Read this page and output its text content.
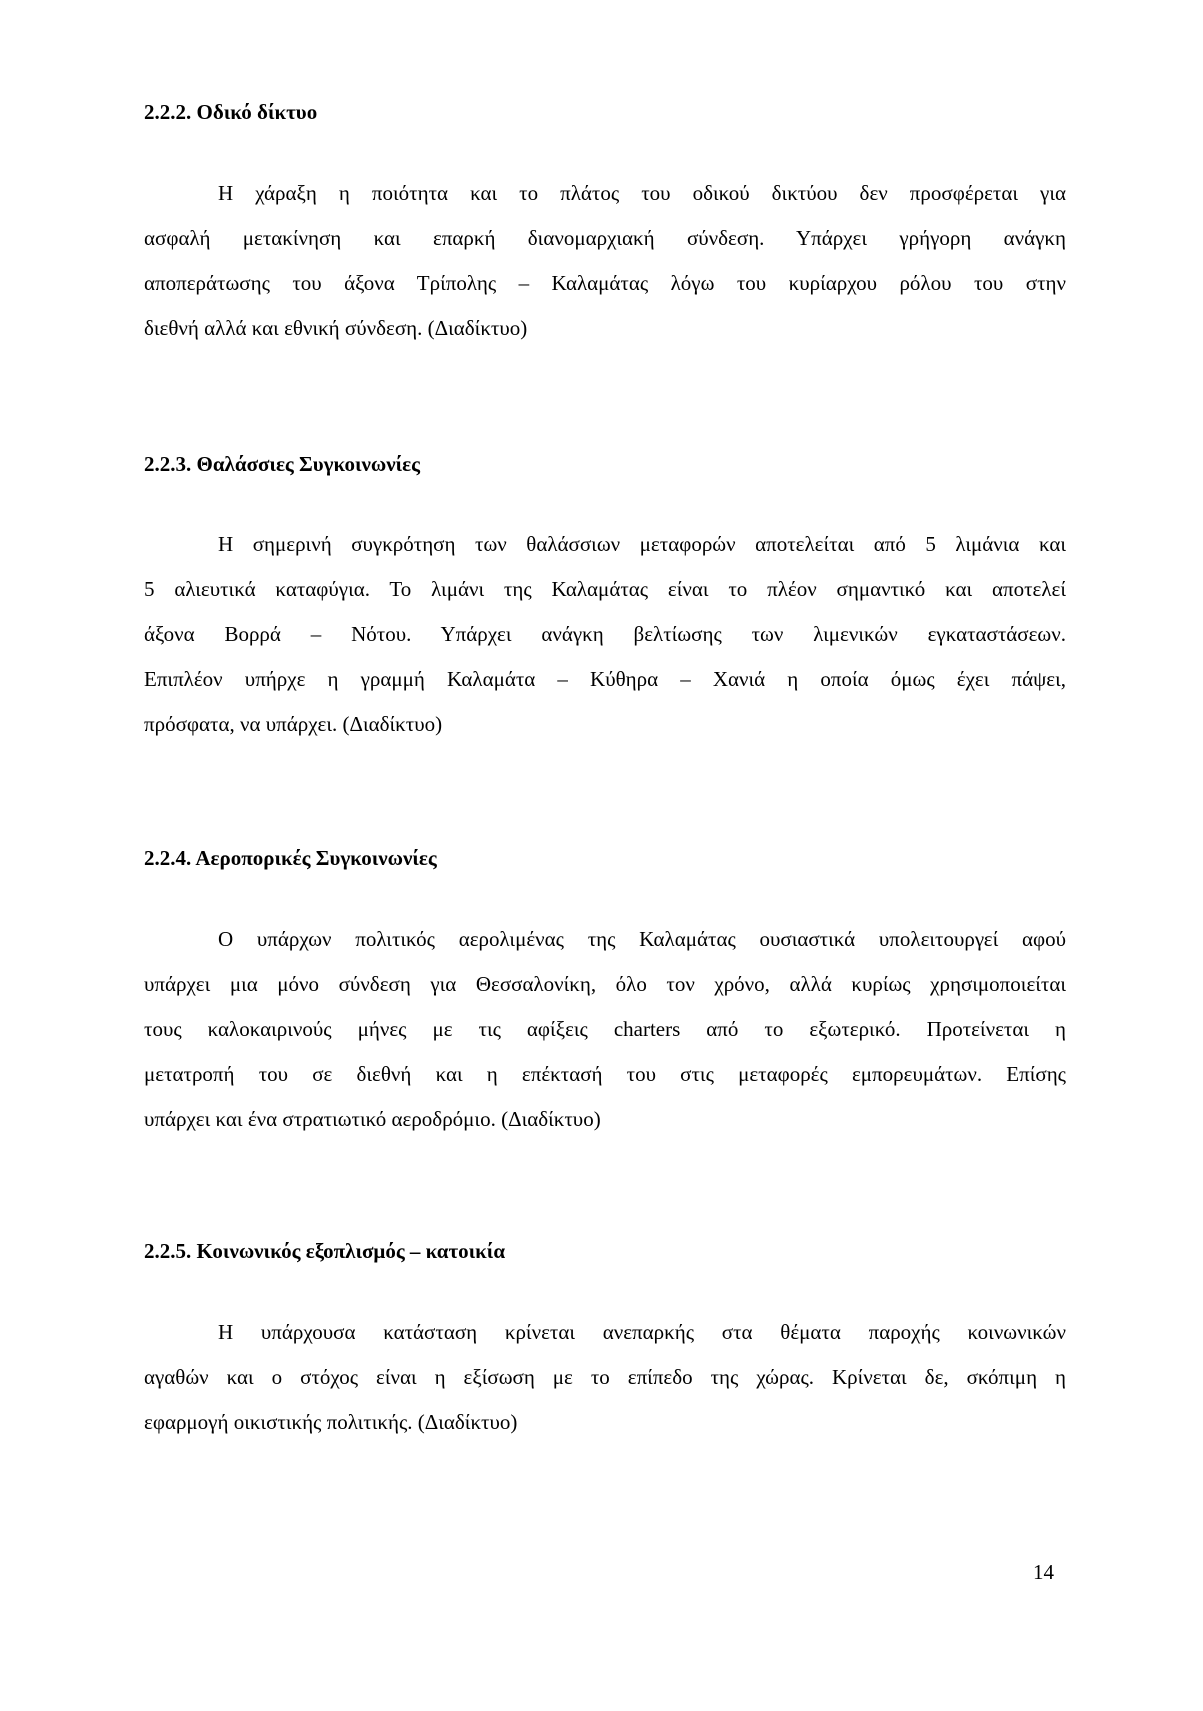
2.2.2. Οδικό δίκτυο

Η χάραξη η ποιότητα και το πλάτος του οδικού δικτύου δεν προσφέρεται για
ασφαλή μετακίνηση και επαρκή διανομαρχιακή σύνδεση. Υπάρχει γρήγορη ανάγκη
αποπεράτωσης του άξονα Τρίπολης – Καλαμάτας λόγω του κυρίαρχου ρόλου του στην
διεθνή αλλά και εθνική σύνδεση. (Διαδίκτυο)

2.2.3. Θαλάσσιες Συγκοινωνίες

Η σημερινή συγκρότηση των θαλάσσιων μεταφορών αποτελείται από 5 λιμάνια και
5 αλιευτικά καταφύγια. Το λιμάνι της Καλαμάτας είναι το πλέον σημαντικό και αποτελεί
άξονα Βορρά – Νότου. Υπάρχει ανάγκη βελτίωσης των λιμενικών εγκαταστάσεων.
Επιπλέον υπήρχε η γραμμή Καλαμάτα – Κύθηρα – Χανιά η οποία όμως έχει πάψει,
πρόσφατα, να υπάρχει. (Διαδίκτυο)

2.2.4. Αεροπορικές Συγκοινωνίες

Ο υπάρχων πολιτικός αερολιμένας της Καλαμάτας ουσιαστικά υπολειτουργεί αφού
υπάρχει μια μόνο σύνδεση για Θεσσαλονίκη, όλο τον χρόνο, αλλά κυρίως χρησιμοποιείται
τους καλοκαιρινούς μήνες με τις αφίξεις charters από το εξωτερικό. Προτείνεται η
μετατροπή του σε διεθνή και η επέκτασή του στις μεταφορές εμπορευμάτων. Επίσης
υπάρχει και ένα στρατιωτικό αεροδρόμιο. (Διαδίκτυο)

2.2.5. Κοινωνικός εξοπλισμός – κατοικία

Η υπάρχουσα κατάσταση κρίνεται ανεπαρκής στα θέματα παροχής κοινωνικών
αγαθών και ο στόχος είναι η εξίσωση με το επίπεδο της χώρας. Κρίνεται δε, σκόπιμη η
εφαρμογή οικιστικής πολιτικής. (Διαδίκτυο)

14
